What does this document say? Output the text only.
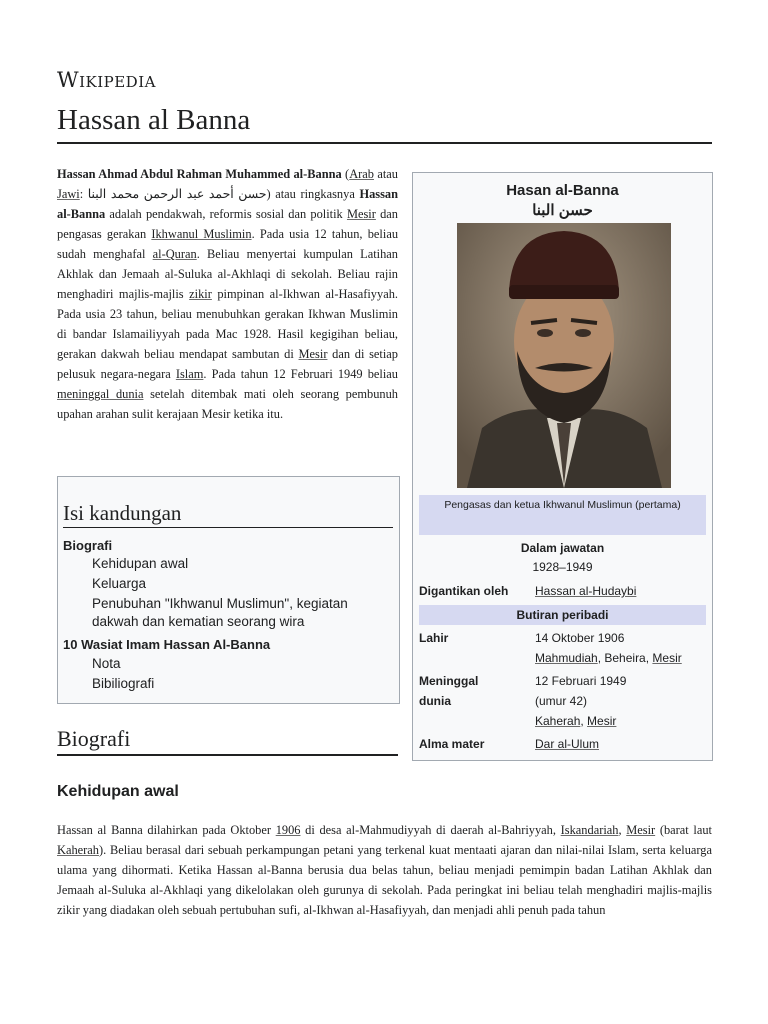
Wikipedia
Hassan al Banna
Hassan Ahmad Abdul Rahman Muhammed al-Banna (Arab atau Jawi: حسن أحمد عبد الرحمن محمد البنا) atau ringkasnya Hassan al-Banna adalah pendakwah, reformis sosial dan politik Mesir dan pengasas gerakan Ikhwanul Muslimin. Pada usia 12 tahun, beliau sudah menghafal al-Quran. Beliau menyertai kumpulan Latihan Akhlak dan Jemaah al-Suluka al-Akhlaqi di sekolah. Beliau rajin menghadiri majlis-majlis zikir pimpinan al-Ikhwan al-Hasafiyyah. Pada usia 23 tahun, beliau menubuhkan gerakan Ikhwan Muslimin di bandar Islamailiyyah pada Mac 1928. Hasil kegigihan beliau, gerakan dakwah beliau mendapat sambutan di Mesir dan di setiap pelusuk negara-negara Islam. Pada tahun 12 Februari 1949 beliau meninggal dunia setelah ditembak mati oleh seorang pembunuh upahan arahan sulit kerajaan Mesir ketika itu.
Hasan al-Banna
حسن البنا
Pengasas dan ketua Ikhwanul Muslimun (pertama)
Dalam jawatan
1928–1949
Digantikan oleh Hassan al-Hudaybi
Butiran peribadi
Lahir	14 Oktober 1906
Mahmudiah, Beheira, Mesir
Meninggal
dunia
12 Februari 1949
(umur 42)
Kaherah, Mesir
Alma mater	Dar al-Ulum
Isi kandungan
Biografi
Kehidupan awal
Keluarga
Penubuhan "Ikhwanul Muslimun", kegiatan dakwah dan kematian seorang wira
10 Wasiat Imam Hassan Al-Banna
Nota
Bibiliografi
Biografi
Kehidupan awal
Hassan al Banna dilahirkan pada Oktober 1906 di desa al-Mahmudiyyah di daerah al-Bahriyyah, Iskandariah, Mesir (barat laut Kaherah). Beliau berasal dari sebuah perkampungan petani yang terkenal kuat mentaati ajaran dan nilai-nilai Islam, serta keluarga ulama yang dihormati. Ketika Hassan al-Banna berusia dua belas tahun, beliau menjadi pemimpin badan Latihan Akhlak dan Jemaah al-Suluka al-Akhlaqi yang dikelolakan oleh gurunya di sekolah. Pada peringkat ini beliau telah menghadiri majlis-majlis zikir yang diadakan oleh sebuah pertubuhan sufi, al-Ikhwan al-Hasafiyyah, dan menjadi ahli penuh pada tahun
